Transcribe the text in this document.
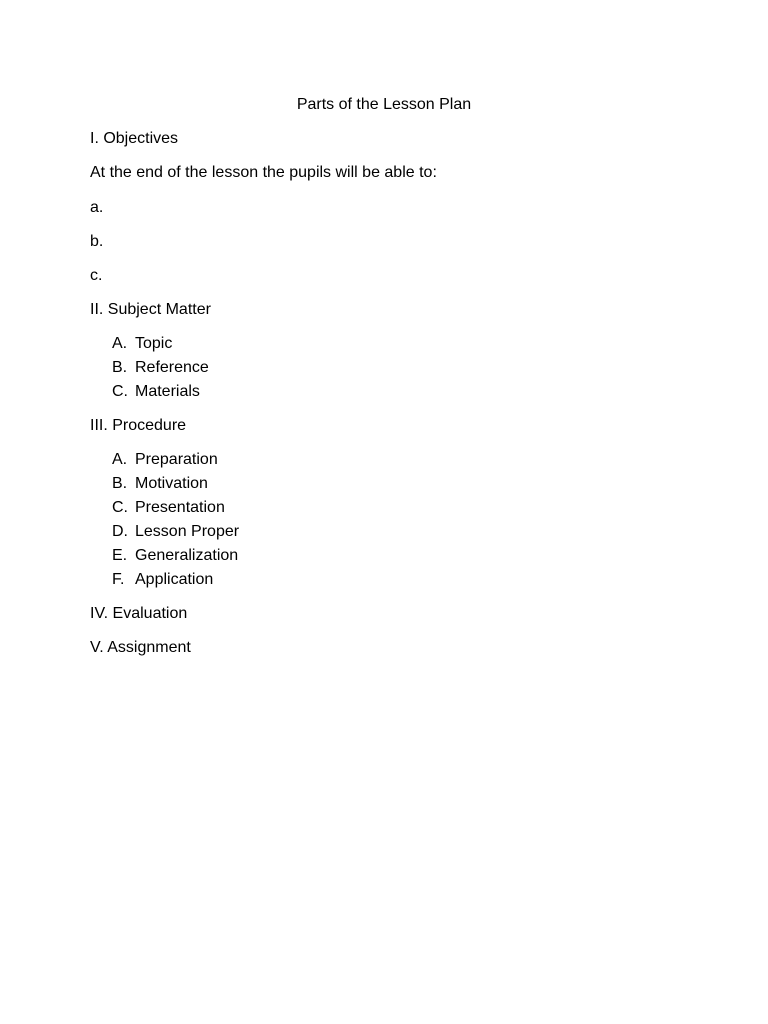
Parts of the Lesson Plan
I. Objectives
At the end of the lesson the pupils will be able to:
a.
b.
c.
II. Subject Matter
A. Topic
B. Reference
C. Materials
III. Procedure
A. Preparation
B. Motivation
C. Presentation
D. Lesson Proper
E. Generalization
F. Application
IV. Evaluation
V. Assignment
